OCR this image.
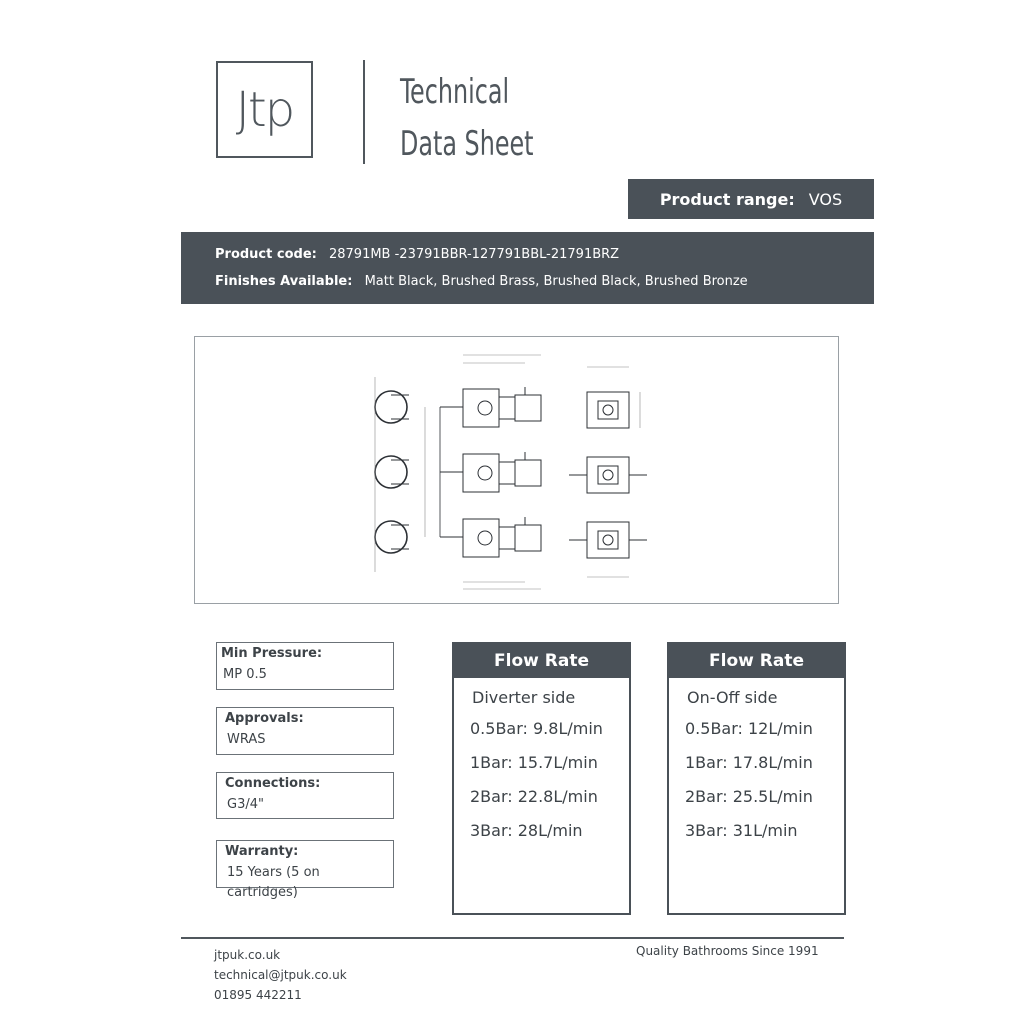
Jtp	Technical
Data Sheet
Product range: VOS
Product code: 28791MB -23791BBR-127791BBL-21791BRZ
Finishes Available: Matt Black, Brushed Brass, Brushed Black, Brushed Bronze
Min Pressure:
MP 0.5
Approvals:
WRAS
Connections:
G3/4"
Warranty:
15 Years (5 on cartridges)
Flow Rate
Diverter side
0.5Bar: 9.8L/min
1Bar: 15.7L/min
2Bar: 22.8L/min
3Bar: 28L/min
Flow Rate
On-Off side
0.5Bar: 12L/min
1Bar: 17.8L/min
2Bar: 25.5L/min
3Bar: 31L/min
jtpuk.co.uk
technical@jtpuk.co.uk
01895 442211
Quality Bathrooms Since 1991
